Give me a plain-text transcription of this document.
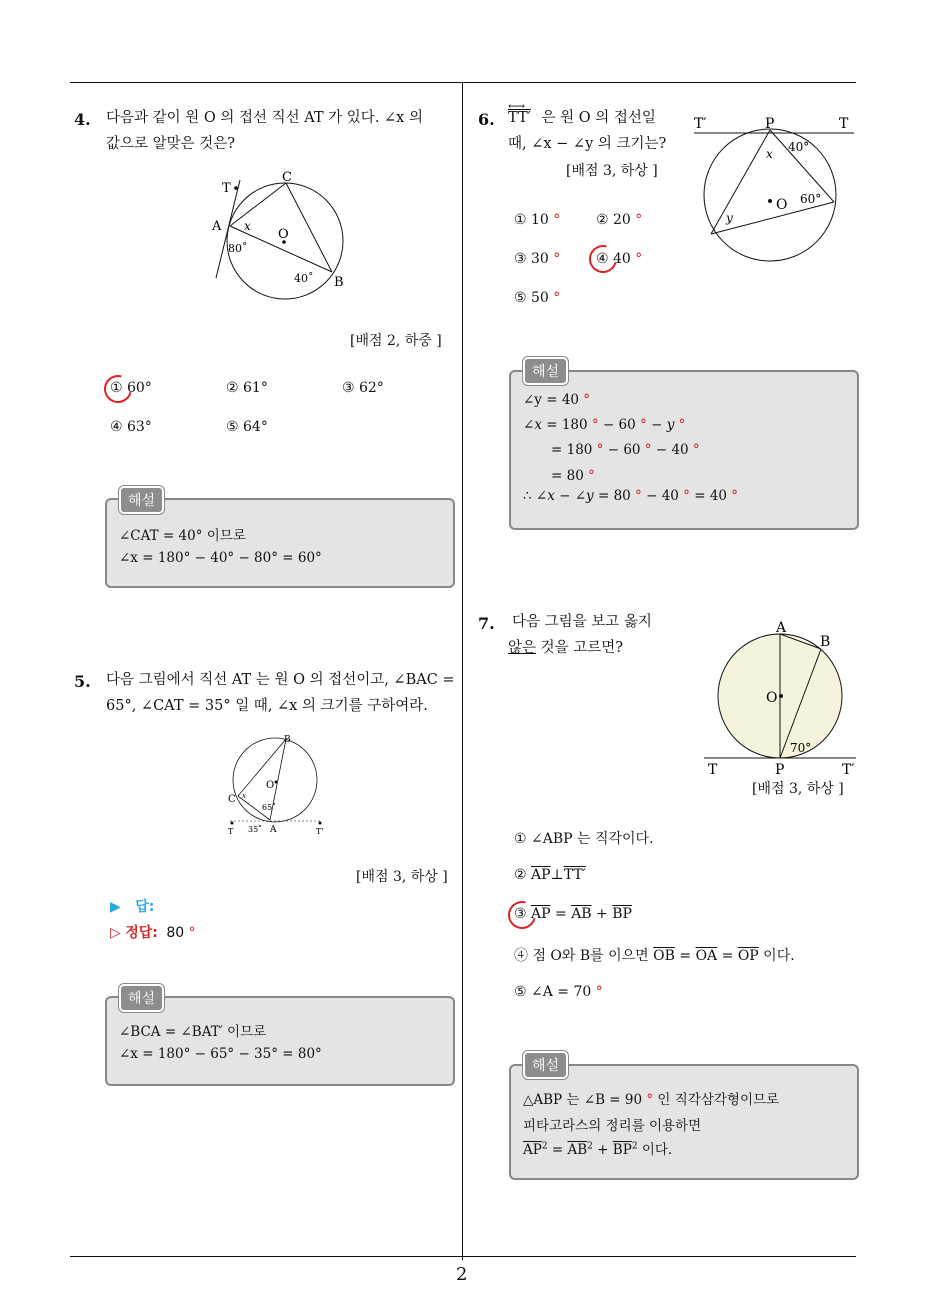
2
4. 다음과 같이 원 O 의 접선 직선 AT 가 있다. ∠x 의
값으로 알맞은 것은?
T
C
A x
O
80˚
40˚ B
[배점 2, 하중 ]
① 60°	② 61°	③ 62°
④ 63°	⑤ 64°
∠CAT = 40° 이므로
∠x = 180° − 40° − 80° = 60°
해설
5. 다음 그림에서 직선 AT 는 원 O 의 접선이고, ∠BAC =
65°, ∠CAT = 35° 일 때, ∠x 의 크기를 구하여라.
B
O
C x
65˚
35˚ A
T	T'
[배점 3, 하상 ]
▶ 답:
▷ 정답: 80 °
∠BCA = ∠BAT′ 이므로
∠x = 180° − 65° − 35° = 80°
해설
6.
⟷
TT′ 은 원 O 의 접선일
때, ∠x − ∠y 의 크기는?
[배점 3, 하상 ]
T′	P	T
x 40°
O 60°
y
① 10 °	② 20 °
③ 30 °	④ 40 °
⑤ 50 °
∠y = 40 °
∠x = 180 ° − 60 ° − y °
= 180 ° − 60 ° − 40 °
= 80 °
∴ ∠x − ∠y = 80 ° − 40 ° = 40 °
해설
7. 다음 그림을 보고 옳지
않은 것을 고르면?
A
B
O
70°
T	P	T′
[배점 3, 하상 ]
① ∠ABP 는 직각이다.
② $\overline{AP}\perp TT'$
③ $\overline{AP} = \overline{AB} + \overline{BP}$
④ 점 O와 B를 이으면 $\overline{OB} = \overline{OA} = \overline{OP}$ 이다.
⑤ ∠A = 70 °
△ABP 는 ∠B = 90 ° 인 직각삼각형이므로
피타고라스의 정리를 이용하면
$\overline{AP}^2 = \overline{AB}^2 + \overline{BP}^2$ 이다.
해설
